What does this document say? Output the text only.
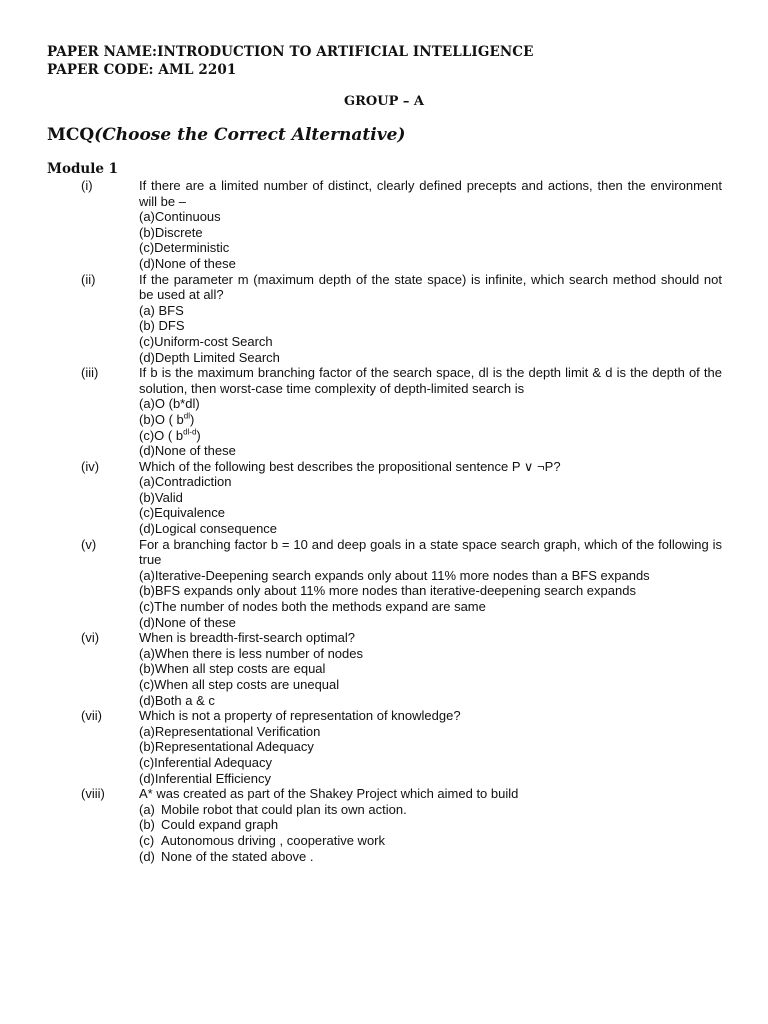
PAPER NAME:INTRODUCTION TO ARTIFICIAL INTELLIGENCE
PAPER CODE: AML 2201
GROUP – A
MCQ(Choose the Correct Alternative)
Module 1
(i)	If there are a limited number of distinct, clearly defined precepts and actions, then the environment will be –
(a)Continuous
(b)Discrete
(c)Deterministic
(d)None of these
(ii)	If the parameter m (maximum depth of the state space) is infinite, which search method should not be used at all?
(a) BFS
(b) DFS
(c)Uniform-cost Search
(d)Depth Limited Search
(iii)	If b is the maximum branching factor of the search space, dl is the depth limit & d is the depth of the solution, then worst-case time complexity of depth-limited search is
(a)O (b*dl)
(b)O ( $b^{dl}$)
(c)O ( $b^{dl-d}$)
(d)None of these
(iv)	Which of the following best describes the propositional sentence P ∨ ¬P?
(a)Contradiction
(b)Valid
(c)Equivalence
(d)Logical consequence
(v)	For a branching factor b = 10 and deep goals in a state space search graph, which of the following is true
(a)Iterative-Deepening search expands only about 11% more nodes than a BFS expands
(b)BFS expands only about 11% more nodes than iterative-deepening search expands
(c)The number of nodes both the methods expand are same
(d)None of these
(vi)	When is breadth-first-search optimal?
(a)When there is less number of nodes
(b)When all step costs are equal
(c)When all step costs are unequal
(d)Both a & c
(vii)	Which is not a property of representation of knowledge?
(a)Representational Verification
(b)Representational Adequacy
(c)Inferential Adequacy
(d)Inferential Efficiency
(viii)	A* was created as part of the Shakey Project which aimed to build
(a) Mobile robot that could plan its own action.
(b) Could expand graph
(c) Autonomous driving , cooperative work
(d) None of the stated above .
